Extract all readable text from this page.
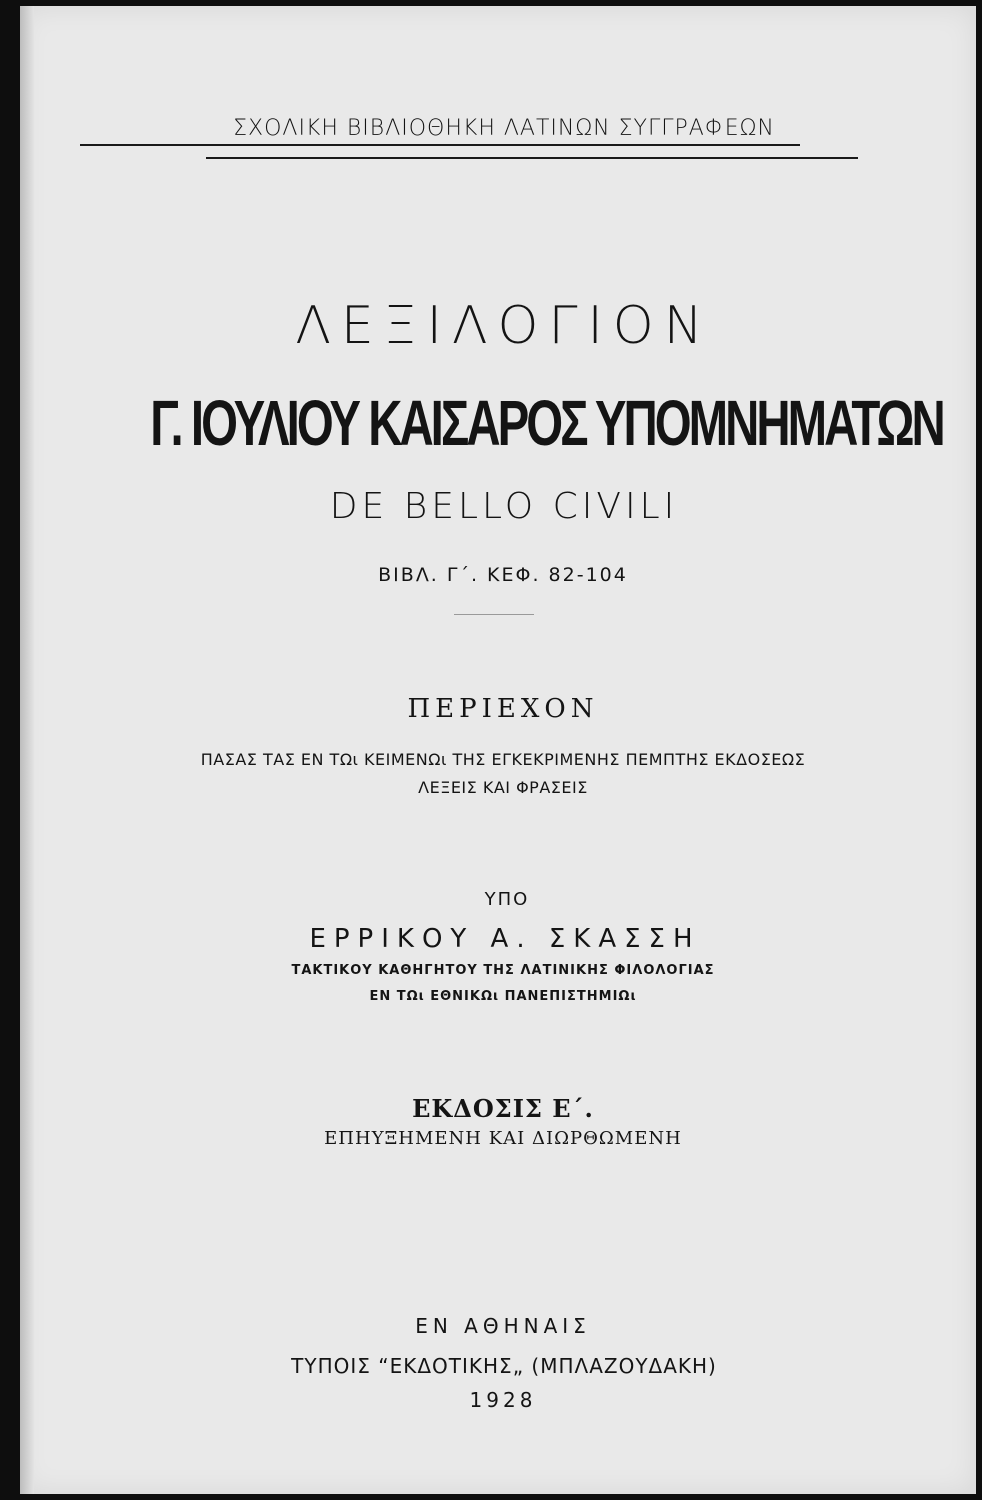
ΣΧΟΛΙΚΗ ΒΙΒΛΙΟΘΗΚΗ ΛΑΤΙΝΩΝ ΣΥΓΓΡΑΦΕΩΝ
ΛΕΞΙΛΟΓΙΟΝ
Γ. ΙΟΥΛΙΟΥ ΚΑΙΣΑΡΟΣ ΥΠΟΜΝΗΜΑΤΩΝ
DE BELLO CIVILI
ΒΙΒΛ. Γ΄. ΚΕΦ. 82-104
ΠΕΡΙΕΧΟΝ
ΠΑΣΑΣ ΤΑΣ ΕΝ ΤΩι ΚΕΙΜΕΝΩι ΤΗΣ ΕΓΚΕΚΡΙΜΕΝΗΣ ΠΕΜΠΤΗΣ ΕΚΔΟΣΕΩΣ
ΛΕΞΕΙΣ ΚΑΙ ΦΡΑΣΕΙΣ
ΥΠΟ
ΕΡΡΙΚΟΥ Α. ΣΚΑΣΣΗ
ΤΑΚΤΙΚΟΥ ΚΑΘΗΓΗΤΟΥ ΤΗΣ ΛΑΤΙΝΙΚΗΣ ΦΙΛΟΛΟΓΙΑΣ
ΕΝ ΤΩι ΕΘΝΙΚΩι ΠΑΝΕΠΙΣΤΗΜΙΩι
ΕΚΔΟΣΙΣ Ε΄.
ΕΠΗΥΞΗΜΕΝΗ ΚΑΙ ΔΙΩΡΘΩΜΕΝΗ
ΕΝ ΑΘΗΝΑΙΣ
ΤΥΠΟΙΣ “ΕΚΔΟΤΙΚΗΣ„ (ΜΠΛΑΖΟΥΔΑΚΗ)
1928
